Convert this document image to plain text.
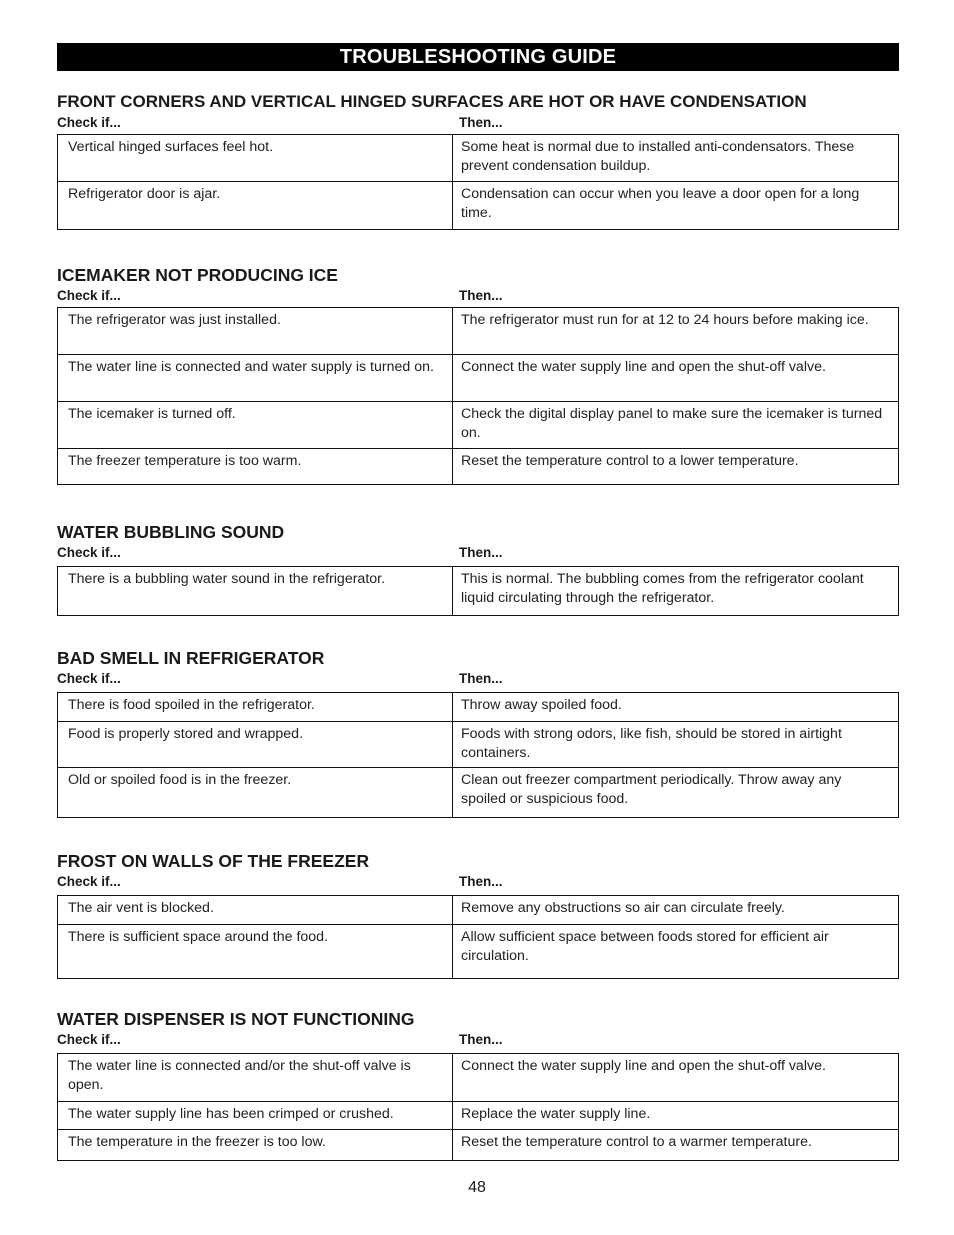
TROUBLESHOOTING GUIDE
FRONT CORNERS AND VERTICAL HINGED SURFACES ARE HOT OR HAVE CONDENSATION
Check if...	Then...
Vertical hinged surfaces feel hot.	Some heat is normal due to installed anti-condensators. These prevent condensation buildup.
Refrigerator door is ajar.	Condensation can occur when you leave a door open for a long time.
ICEMAKER NOT PRODUCING ICE
Check if...	Then...
The refrigerator was just installed.	The refrigerator must run for at 12 to 24 hours before making ice.
The water line is connected and water supply is turned on.	Connect the water supply line and open the shut-off valve.
The icemaker is turned off.	Check the digital display panel to make sure the icemaker is turned on.
The freezer temperature is too warm.	Reset the temperature control to a lower temperature.
WATER BUBBLING SOUND
Check if...	Then...
There is a bubbling water sound in the refrigerator.	This is normal. The bubbling comes from the refrigerator coolant liquid circulating through the refrigerator.
BAD SMELL IN REFRIGERATOR
Check if...	Then...
There is food spoiled in the refrigerator.	Throw away spoiled food.
Food is properly stored and wrapped.	Foods with strong odors, like fish, should be stored in airtight containers.
Old or spoiled food is in the freezer.	Clean out freezer compartment periodically. Throw away any spoiled or suspicious food.
FROST ON WALLS OF THE FREEZER
Check if...	Then...
The air vent is blocked.	Remove any obstructions so air can circulate freely.
There is sufficient space around the food.	Allow sufficient space between foods stored for efficient air circulation.
WATER DISPENSER IS NOT FUNCTIONING
Check if...	Then...
The water line is connected and/or the shut-off valve is open.	Connect the water supply line and open the shut-off valve.
The water supply line has been crimped or crushed.	Replace the water supply line.
The temperature in the freezer is too low.	Reset the temperature control to a warmer temperature.
48
